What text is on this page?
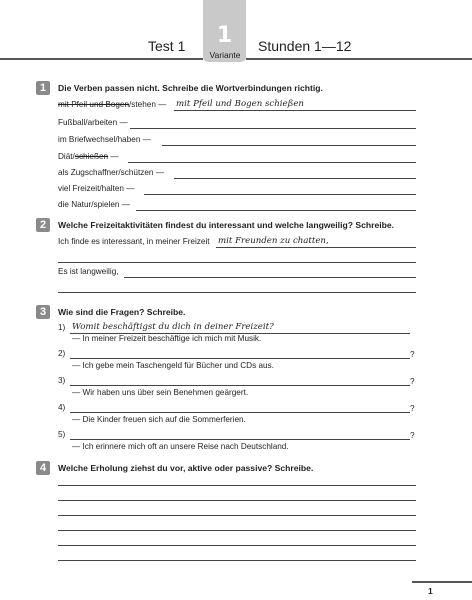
1
Variante
Test 1	Stunden 1—12
1	Die Verben passen nicht. Schreibe die Wortverbindungen richtig.
mit Pfeil und Bogen/stehen — mit Pfeil und Bogen schießen
Fußball/arbeiten —
im Briefwechsel/haben —
Diät/schießen —
als Zugschaffner/schützen —
viel Freizeit/halten —
die Natur/spielen —
2	Welche Freizeitaktivitäten findest du interessant und welche langweilig? Schreibe.
Ich finde es interessant, in meiner Freizeit mit Freunden zu chatten,
Es ist langweilig,
3	Wie sind die Fragen? Schreibe.
1) Womit beschäftigst du dich in deiner Freizeit?
— In meiner Freizeit beschäftige ich mich mit Musik.
2)	?
— Ich gebe mein Taschengeld für Bücher und CDs aus.
3)	?
— Wir haben uns über sein Benehmen geärgert.
4)	?
— Die Kinder freuen sich auf die Sommerferien.
5)	?
— Ich erinnere mich oft an unsere Reise nach Deutschland.
4	Welche Erholung ziehst du vor, aktive oder passive? Schreibe.
1
